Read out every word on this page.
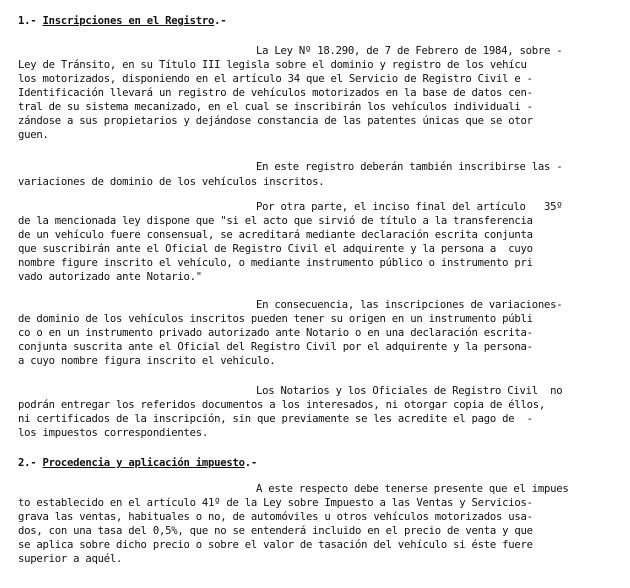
1.- Inscripciones en el Registro.-
La Ley Nº 18.290, de 7 de Febrero de 1984, sobre -
Ley de Tránsito, en su Título III legisla sobre el dominio y registro de los vehícu
los motorizados, disponiendo en el artículo 34 que el Servicio de Registro Civil e -
Identificación llevará un registro de vehículos motorizados en la base de datos cen-
tral de su sistema mecanizado, en el cual se inscribirán los vehículos individuali -
zándose a sus propietarios y dejándose constancia de las patentes únicas que se otor
guen.
En este registro deberán también inscribirse las -
variaciones de dominio de los vehículos inscritos.
Por otra parte, el inciso final del artículo   35º
de la mencionada ley dispone que "si el acto que sirvió de título a la transferencia
de un vehículo fuere consensual, se acreditará mediante declaración escrita conjunta
que suscribirán ante el Oficial de Registro Civil el adquirente y la persona a  cuyo
nombre figure inscrito el vehículo, o mediante instrumento público o instrumento pri
vado autorizado ante Notario."
En consecuencia, las inscripciones de variaciones-
de dominio de los vehículos inscritos pueden tener su origen en un instrumento públi
co o en un instrumento privado autorizado ante Notario o en una declaración escrita-
conjunta suscrita ante el Oficial del Registro Civil por el adquirente y la persona-
a cuyo nombre figura inscrito el vehículo.
Los Notarios y los Oficiales de Registro Civil  no
podrán entregar los referidos documentos a los interesados, ni otorgar copia de éllos,
ni certificados de la inscripción, sin que previamente se les acredite el pago de  -
los impuestos correspondientes.
2.- Procedencia y aplicación impuesto.-
A este respecto debe tenerse presente que el impues
to establecido en el artículo 41º de la Ley sobre Impuesto a las Ventas y Servicios-
grava las ventas, habituales o no, de automóviles u otros vehículos motorizados usa-
dos, con una tasa del 0,5%, que no se entenderá incluido en el precio de venta y que
se aplica sobre dicho precio o sobre el valor de tasación del vehículo si éste fuere
superior a aquél.
